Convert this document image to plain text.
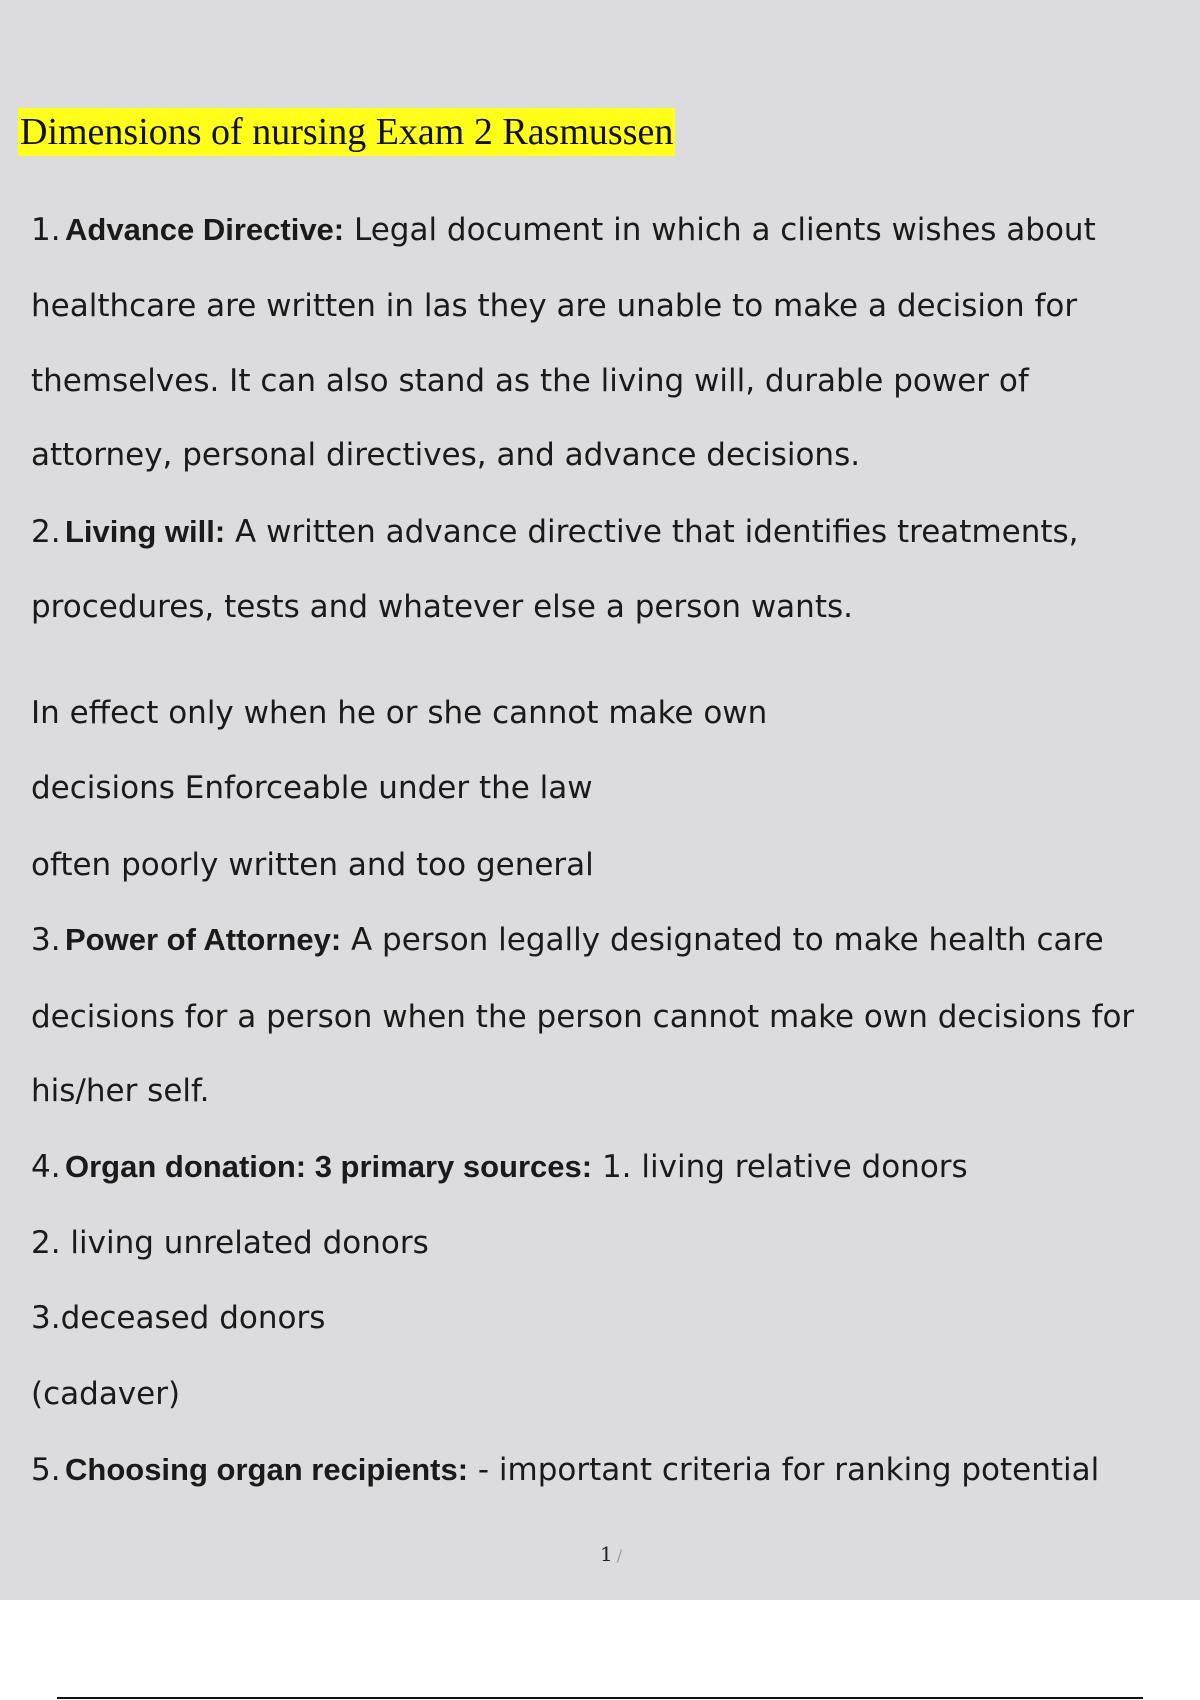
Dimensions of nursing Exam 2 Rasmussen
1. Advance Directive: Legal document in which a clients wishes about
healthcare are written in las they are unable to make a decision for
themselves. It can also stand as the living will, durable power of
attorney, personal directives, and advance decisions.
2. Living will: A written advance directive that identifies treatments,
procedures, tests and whatever else a person wants.
In effect only when he or she cannot make own
decisions Enforceable under the law
often poorly written and too general
3. Power of Attorney: A person legally designated to make health care
decisions for a person when the person cannot make own decisions for
his/her self.
4. Organ donation: 3 primary sources: 1. living relative donors
2. living unrelated donors
3.deceased donors
(cadaver)
5. Choosing organ recipients: - important criteria for ranking potential
1 /
